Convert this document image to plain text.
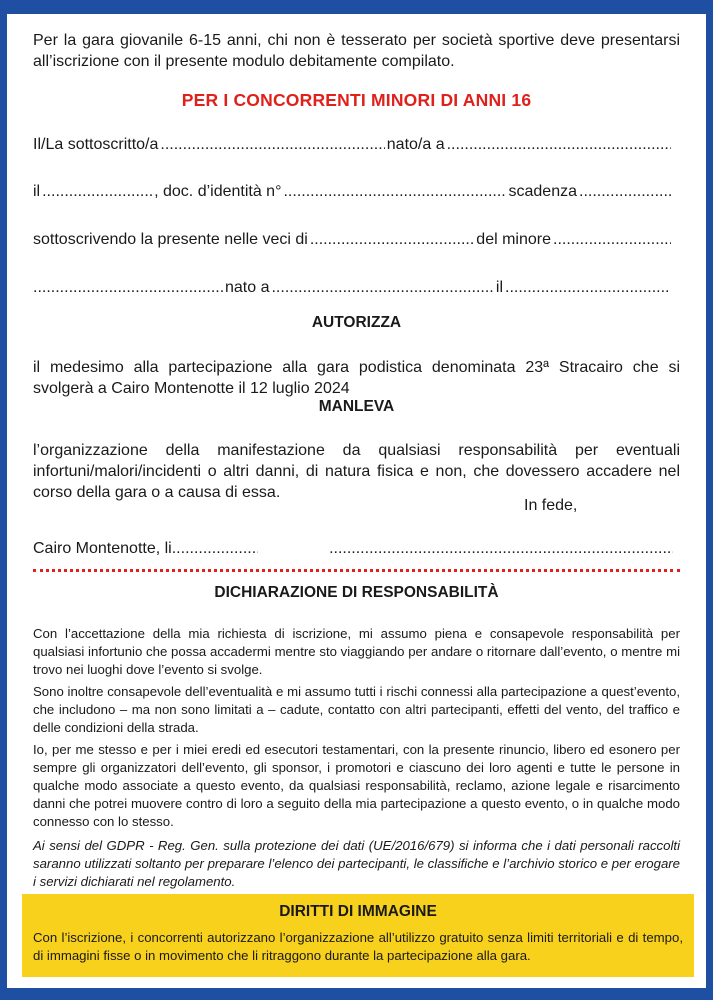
Per la gara giovanile 6-15 anni, chi non è tesserato per società sportive deve presentarsi all’iscrizione con il presente modulo debitamente compilato.

PER I CONCORRENTI MINORI DI ANNI 16
Il/La sottoscritto/a .....	nato/a a
.....
il .....	, doc. d’identità n° .....	scadenza
.....
sottoscrivendo la presente nelle veci di .....	del minore
.....
.....
nato a .....	il
.....
AUTORIZZA

il medesimo alla partecipazione alla gara podistica denominata 23ª Stracairo che si svolgerà a Cairo Montenotte il 12 luglio 2024

MANLEVA

l’organizzazione della manifestazione da qualsiasi responsabilità per eventuali infortuni/malori/incidenti o altri danni, di natura fisica e non, che dovessero accadere nel corso della gara o a causa di essa.

In fede,
Cairo Montenotte, li
.....
.....
DICHIARAZIONE DI RESPONSABILITÀ

Con l’accettazione della mia richiesta di iscrizione, mi assumo piena e consapevole responsabilità per qualsiasi infortunio che possa accadermi mentre sto viaggiando per andare o ritornare dall’evento, o mentre mi trovo nei luoghi dove l’evento si svolge.

Sono inoltre consapevole dell’eventualità e mi assumo tutti i rischi connessi alla partecipazione a quest’evento, che includono – ma non sono limitati a – cadute, contatto con altri partecipanti, effetti del vento, del traffico e delle condizioni della strada.

Io, per me stesso e per i miei eredi ed esecutori testamentari, con la presente rinuncio, libero ed esonero per sempre gli organizzatori dell’evento, gli sponsor, i promotori e ciascuno dei loro agenti e tutte le persone in qualche modo associate a questo evento, da qualsiasi responsabilità, reclamo, azione legale e risarcimento danni che potrei muovere contro di loro a seguito della mia partecipazione a questo evento, o in qualche modo connesso con lo stesso.

Ai sensi del GDPR - Reg. Gen. sulla protezione dei dati (UE/2016/679) si informa che i dati personali raccolti saranno utilizzati soltanto per preparare l’elenco dei partecipanti, le classifiche e l’archivio storico e per erogare i servizi dichiarati nel regolamento.

DIRITTI DI IMMAGINE

Con l’iscrizione, i concorrenti autorizzano l’organizzazione all’utilizzo gratuito senza limiti territoriali e di tempo, di immagini fisse o in movimento che li ritraggono durante la partecipazione alla gara.
